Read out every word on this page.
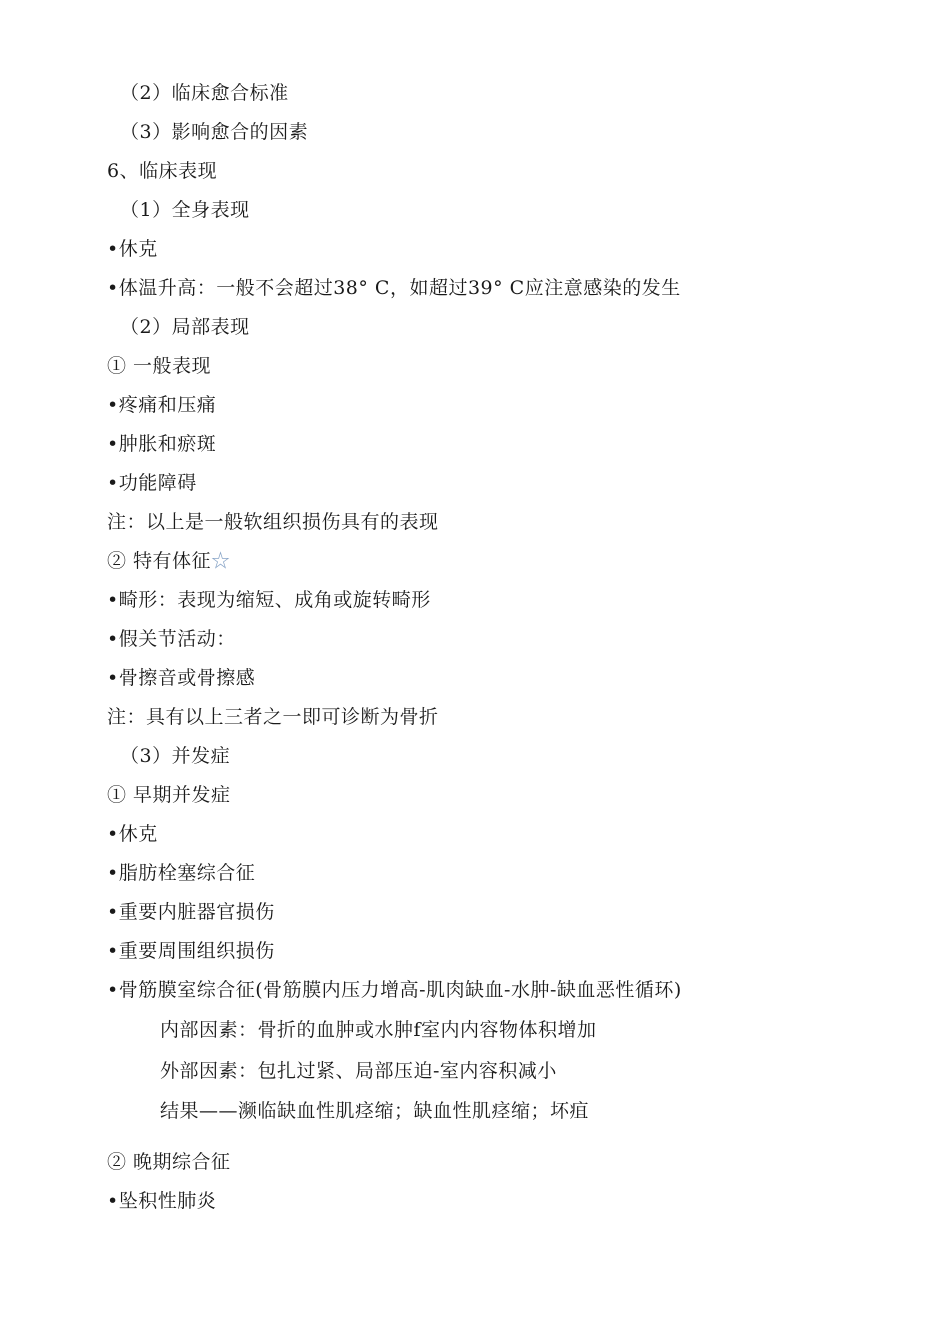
（2）临床愈合标准
（3）影响愈合的因素
6、临床表现
（1）全身表现
•休克
•体温升高：一般不会超过38° C，如超过39° C应注意感染的发生
（2）局部表现
① 一般表现
•疼痛和压痛
•肿胀和瘀斑
•功能障碍
注：以上是一般软组织损伤具有的表现
② 特有体征☆
•畸形：表现为缩短、成角或旋转畸形
•假关节活动：
•骨擦音或骨擦感
注：具有以上三者之一即可诊断为骨折
（3）并发症
① 早期并发症
•休克
•脂肪栓塞综合征
•重要内脏器官损伤
•重要周围组织损伤
•骨筋膜室综合征(骨筋膜内压力增高-肌肉缺血-水肿-缺血恶性循环)
内部因素：骨折的血肿或水肿f室内内容物体积增加
外部因素：包扎过紧、局部压迫-室内容积减小
结果——濒临缺血性肌痉缩；缺血性肌痉缩；坏疽
② 晚期综合征
•坠积性肺炎
